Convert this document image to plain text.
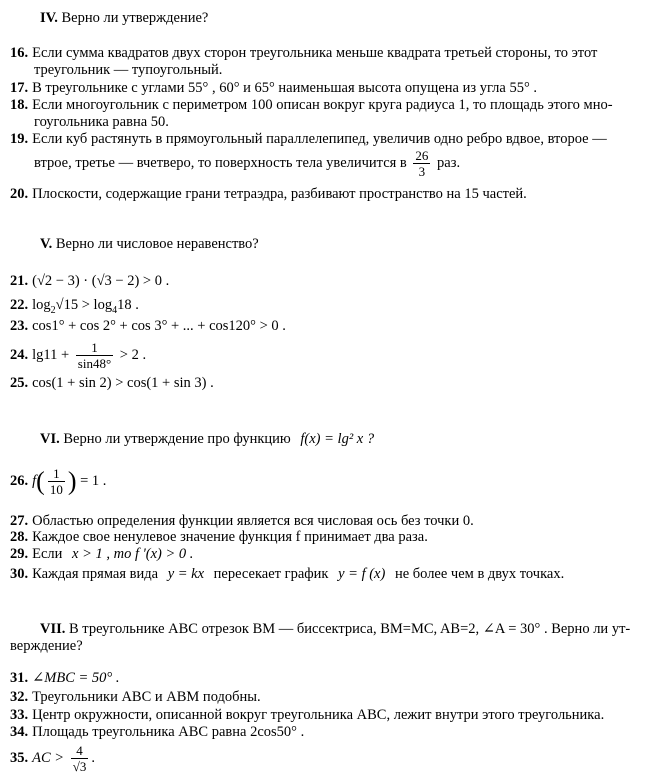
IV. Верно ли утверждение?
16. Если сумма квадратов двух сторон треугольника меньше квадрата третьей стороны, то этот
треугольник — тупоугольный.
17. В треугольнике с углами 55° , 60° и 65° наименьшая высота опущена из угла 55° .
18. Если многоугольник с периметром 100 описан вокруг круга радиуса 1, то площадь этого мно-
гоугольника равна 50.
19. Если куб растянуть в прямоугольный параллелепипед, увеличив одно ребро вдвое, второе —
втрое, третье — вчетверо, то поверхность тела увеличится в $\frac{26}{3}$ раз.
20. Плоскости, содержащие грани тетраэдра, разбивают пространство на 15 частей.
V. Верно ли числовое неравенство?
21. (√2 − 3) · (√3 − 2) > 0 .
22. $\log_2√15 > \log_418$ .
23. cos1° + cos 2° + cos 3° + ... + cos120° > 0 .
24. $\lg 11 + \frac{1}{\sin 48^\circ} > 2$ .
25. cos(1 + sin 2) > cos(1 + sin 3) .
VI. Верно ли утверждение про функцию f(x) = lg² x ?
26. $f( \frac{1}{10}$ ) = 1 .
27. Областью определения функции является вся числовая ось без точки 0.
28. Каждое свое ненулевое значение функция f принимает два раза.
29. Если x > 1 , то f '(x) > 0 .
30. Каждая прямая вида y = kx пересекает график y = f (x) не более чем в двух точках.
VII. В треугольнике ABC отрезок BM — биссектриса, BM=MC, AB=2, ∠A = 30° . Верно ли ут-
верждение?
31. ∠MBC = 50° .
32. Треугольники ABC и ABM подобны.
33. Центр окружности, описанной вокруг треугольника ABC, лежит внутри этого треугольника.
34. Площадь треугольника ABC равна 2cos50° .
35. AC > $\frac{4}{√3}$ .
